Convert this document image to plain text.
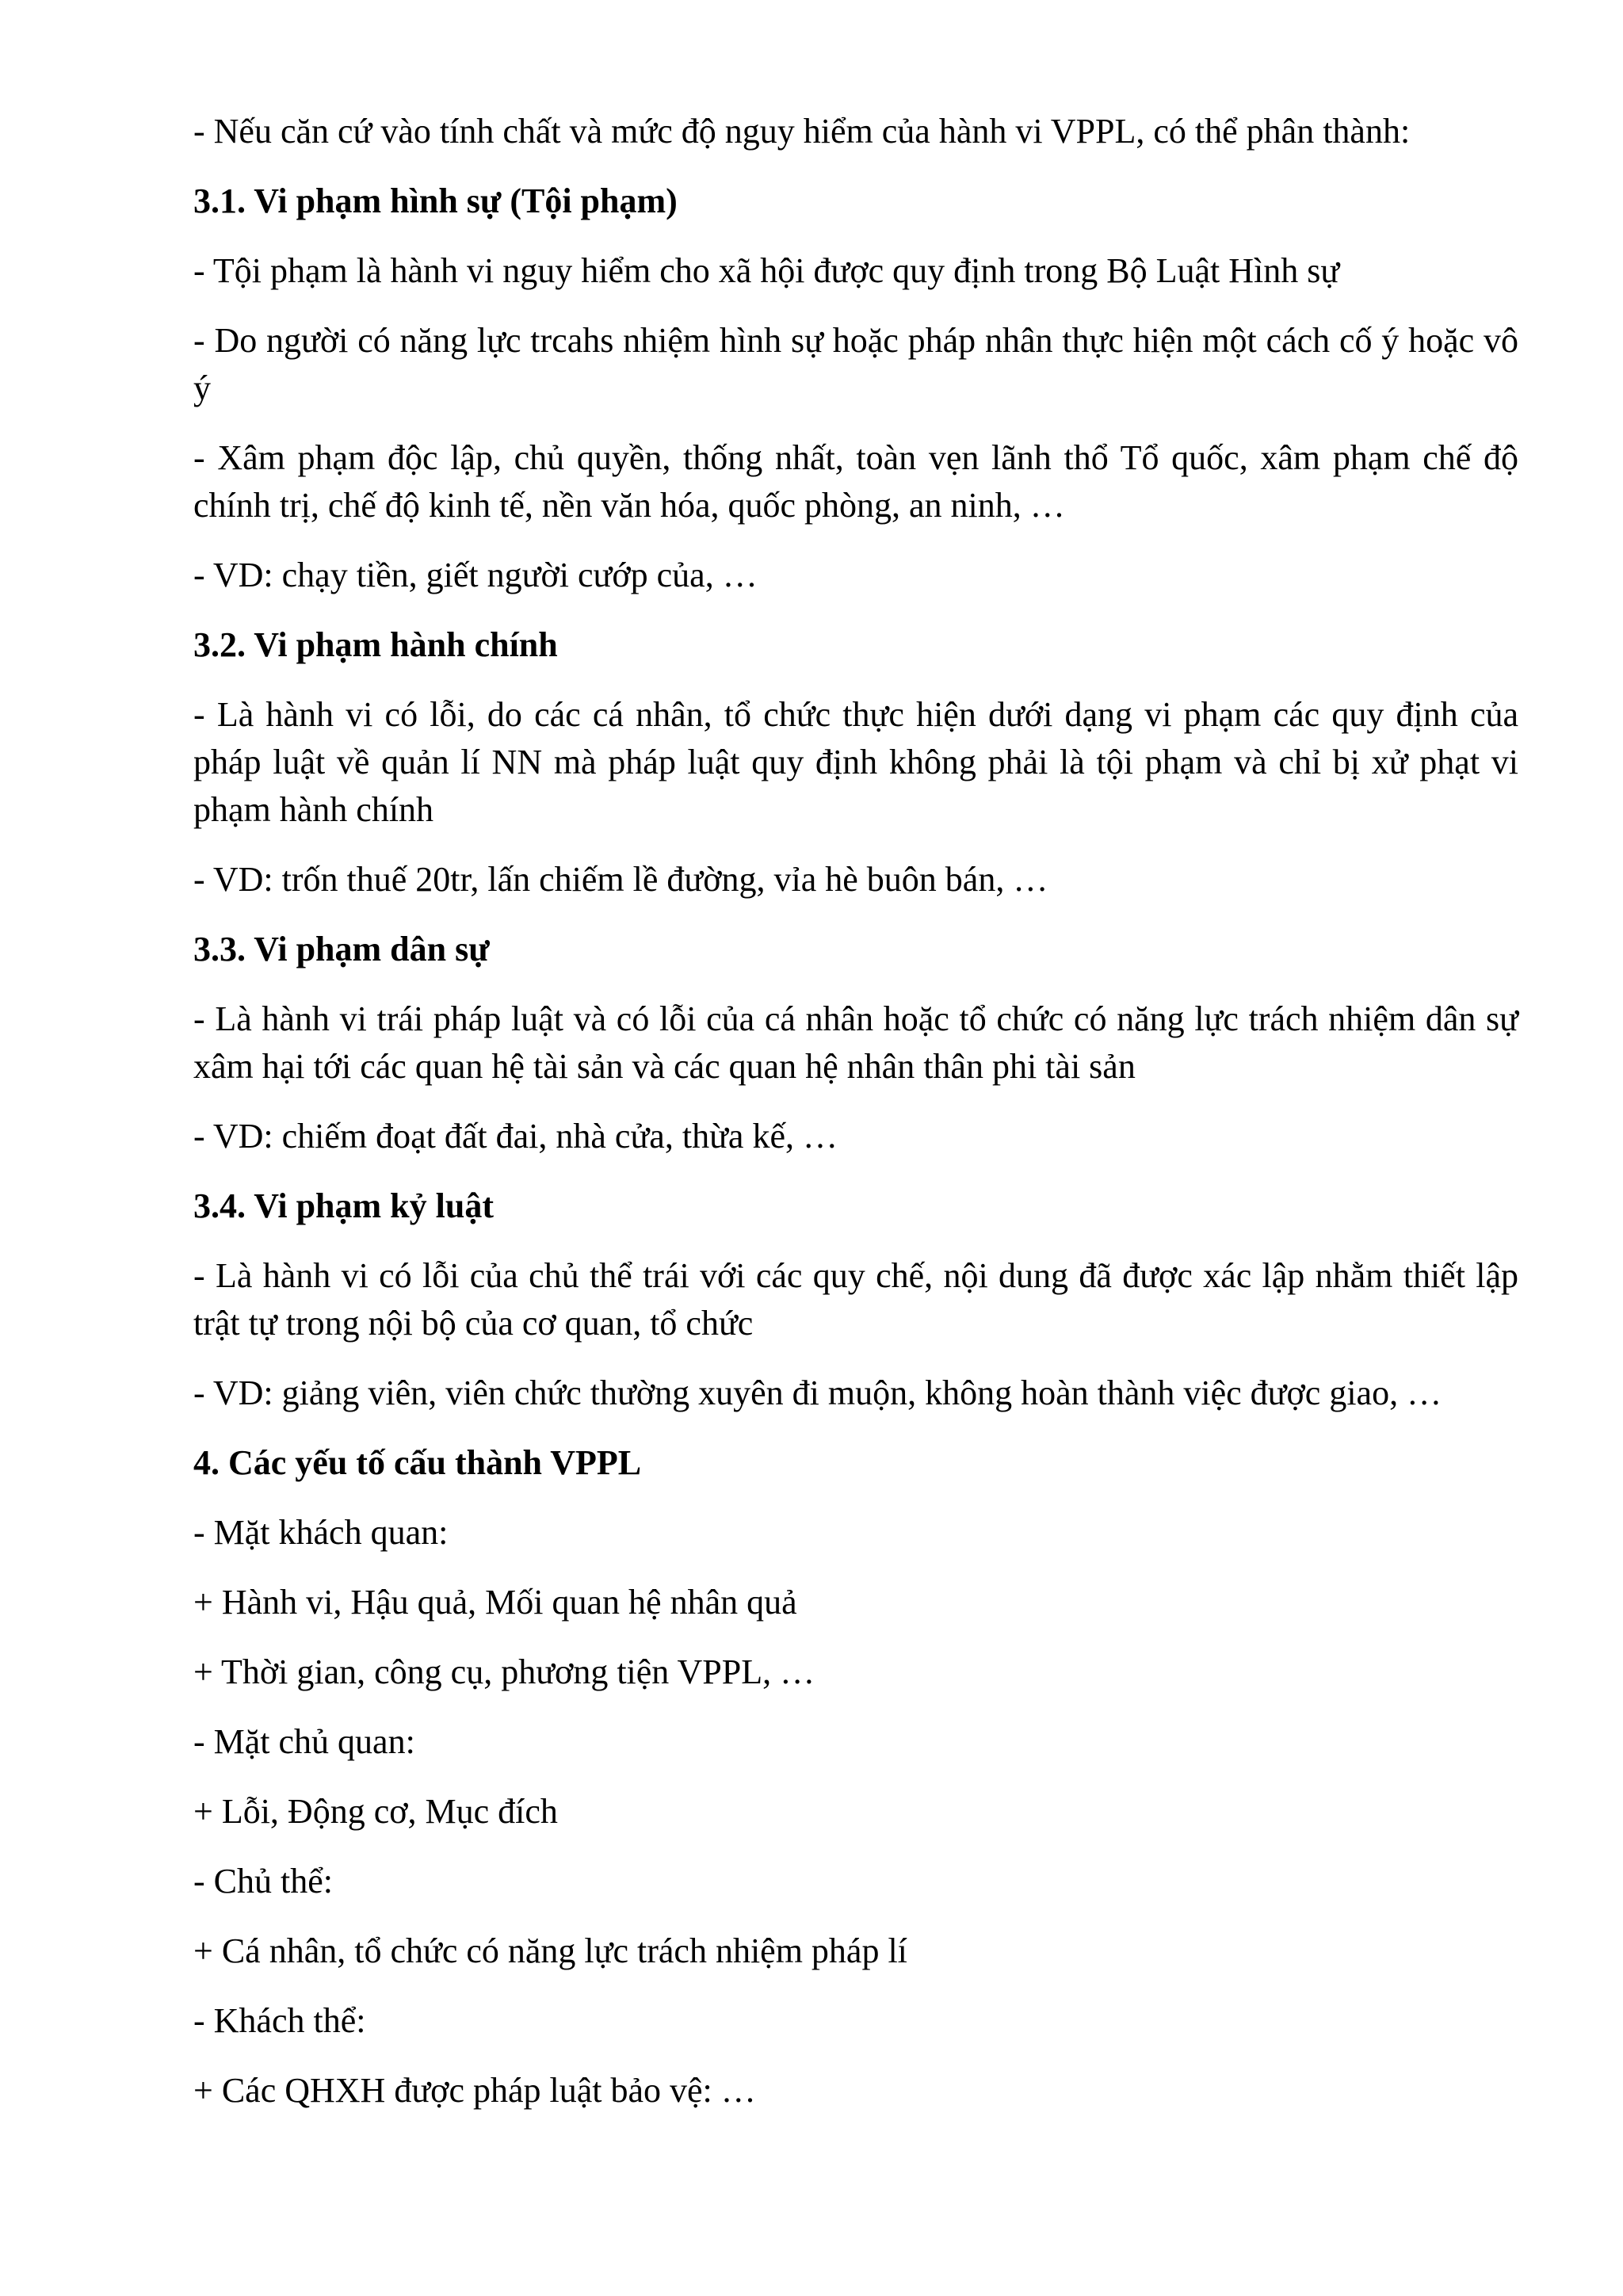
- Nếu căn cứ vào tính chất và mức độ nguy hiểm của hành vi VPPL, có thể phân thành:

3.1. Vi phạm hình sự (Tội phạm)

- Tội phạm là hành vi nguy hiểm cho xã hội được quy định trong Bộ Luật Hình sự

- Do người có năng lực trcahs nhiệm hình sự hoặc pháp nhân thực hiện một cách cố ý hoặc vô ý

- Xâm phạm độc lập, chủ quyền, thống nhất, toàn vẹn lãnh thổ Tổ quốc, xâm phạm chế độ chính trị, chế độ kinh tế, nền văn hóa, quốc phòng, an ninh, …

- VD: chạy tiền, giết người cướp của, …

3.2. Vi phạm hành chính

- Là hành vi có lỗi, do các cá nhân, tổ chức thực hiện dưới dạng vi phạm các quy định của pháp luật về quản lí NN mà pháp luật quy định không phải là tội phạm và chỉ bị xử phạt vi phạm hành chính

- VD: trốn thuế 20tr, lấn chiếm lề đường, vỉa hè buôn bán, …

3.3. Vi phạm dân sự

- Là hành vi trái pháp luật và có lỗi của cá nhân hoặc tổ chức có năng lực trách nhiệm dân sự xâm hại tới các quan hệ tài sản và các quan hệ nhân thân phi tài sản

- VD: chiếm đoạt đất đai, nhà cửa, thừa kế, …

3.4. Vi phạm kỷ luật

- Là hành vi có lỗi của chủ thể trái với các quy chế, nội dung đã được xác lập nhằm thiết lập trật tự trong nội bộ của cơ quan, tổ chức

- VD: giảng viên, viên chức thường xuyên đi muộn, không hoàn thành việc được giao, …

4. Các yếu tố cấu thành VPPL

- Mặt khách quan:

+ Hành vi, Hậu quả, Mối quan hệ nhân quả

+ Thời gian, công cụ, phương tiện VPPL, …

- Mặt chủ quan:

+ Lỗi, Động cơ, Mục đích

- Chủ thể:

+ Cá nhân, tổ chức có năng lực trách nhiệm pháp lí

- Khách thể:

+ Các QHXH được pháp luật bảo vệ: …
